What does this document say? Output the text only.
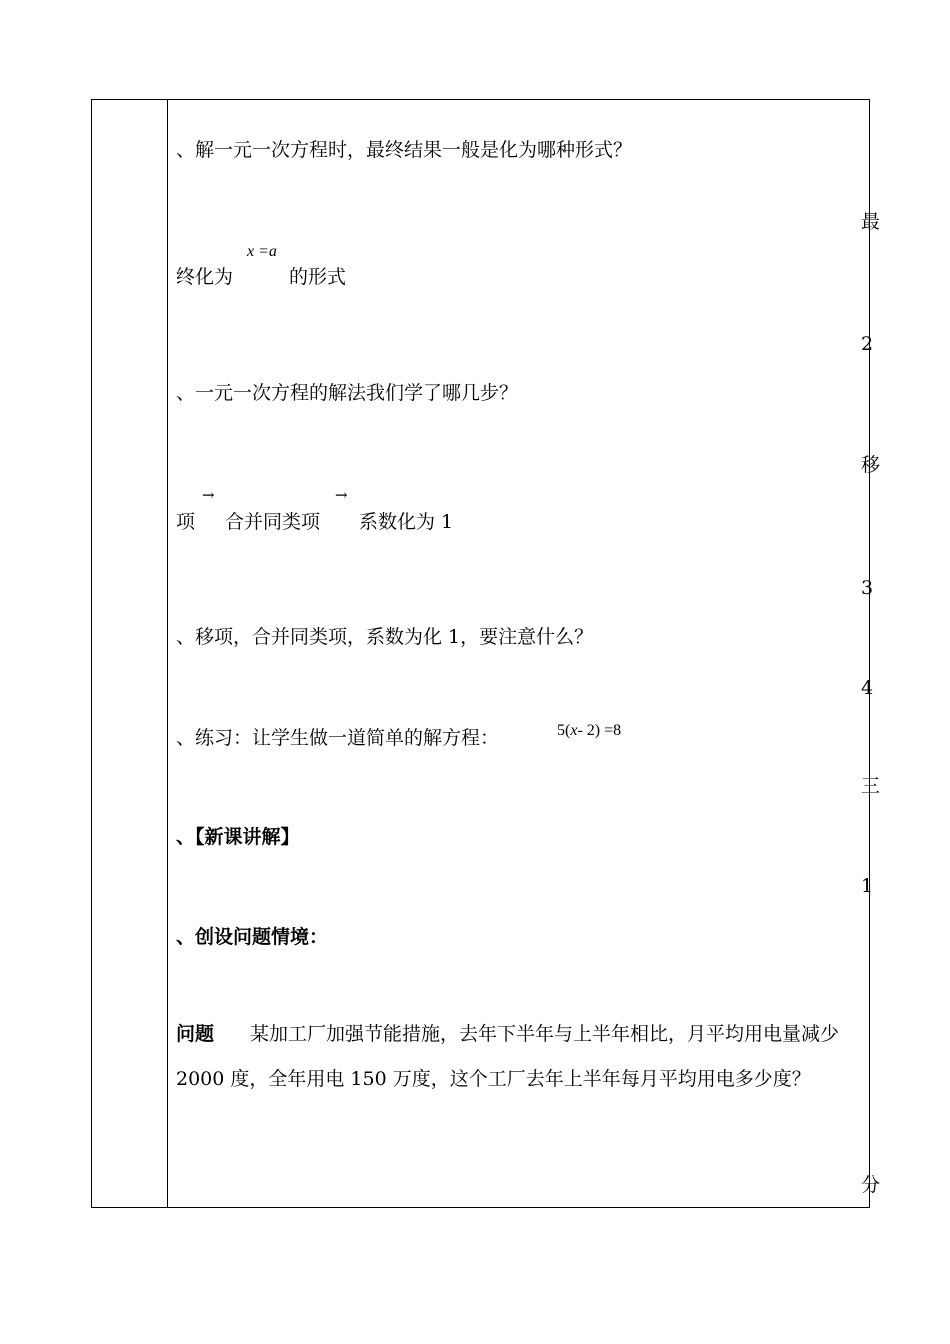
、解一元一次方程时，最终结果一般是化为哪种形式？
x =a
终化为	的形式
、一元一次方程的解法我们学了哪几步？
→	→
项 合并同类项 系数化为 1
、移项，合并同类项，系数为化 1，要注意什么？
、练习：让学生做一道简单的解方程：	5(x- 2) =8
、【新课讲解】
、创设问题情境：
问题 某加工厂加强节能措施，去年下半年与上半年相比，月平均用电量减少 2000 度，全年用电 150 万度，这个工厂去年上半年每月平均用电多少度？
最
2
移
3
4
三
1
分
